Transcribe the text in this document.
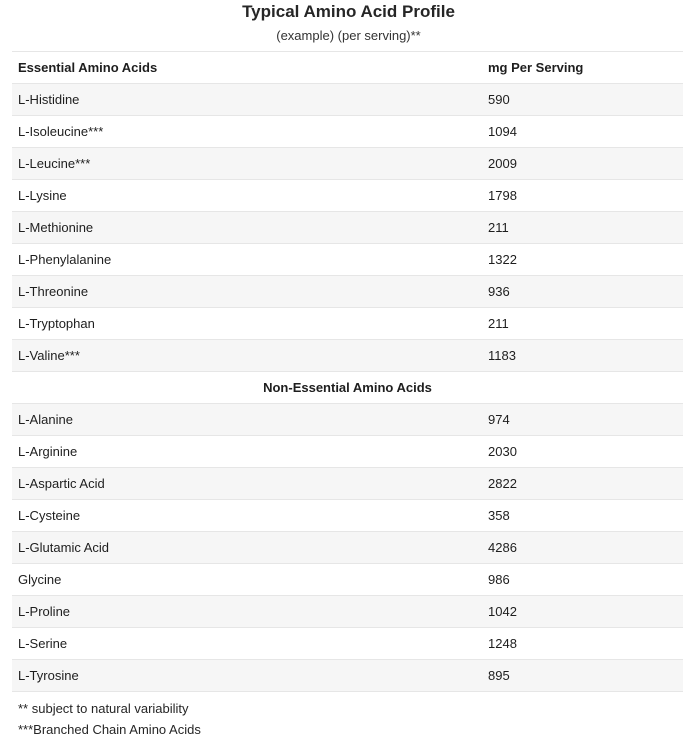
Typical Amino Acid Profile
(example) (per serving)**
Essential Amino Acids	mg Per Serving
L-Histidine	590
L-Isoleucine***	1094
L-Leucine***	2009
L-Lysine	1798
L-Methionine	211
L-Phenylalanine	1322
L-Threonine	936
L-Tryptophan	211
L-Valine***	1183
Non-Essential Amino Acids	
L-Alanine	974
L-Arginine	2030
L-Aspartic Acid	2822
L-Cysteine	358
L-Glutamic Acid	4286
Glycine	986
L-Proline	1042
L-Serine	1248
L-Tyrosine	895
** subject to natural variability
***Branched Chain Amino Acids
